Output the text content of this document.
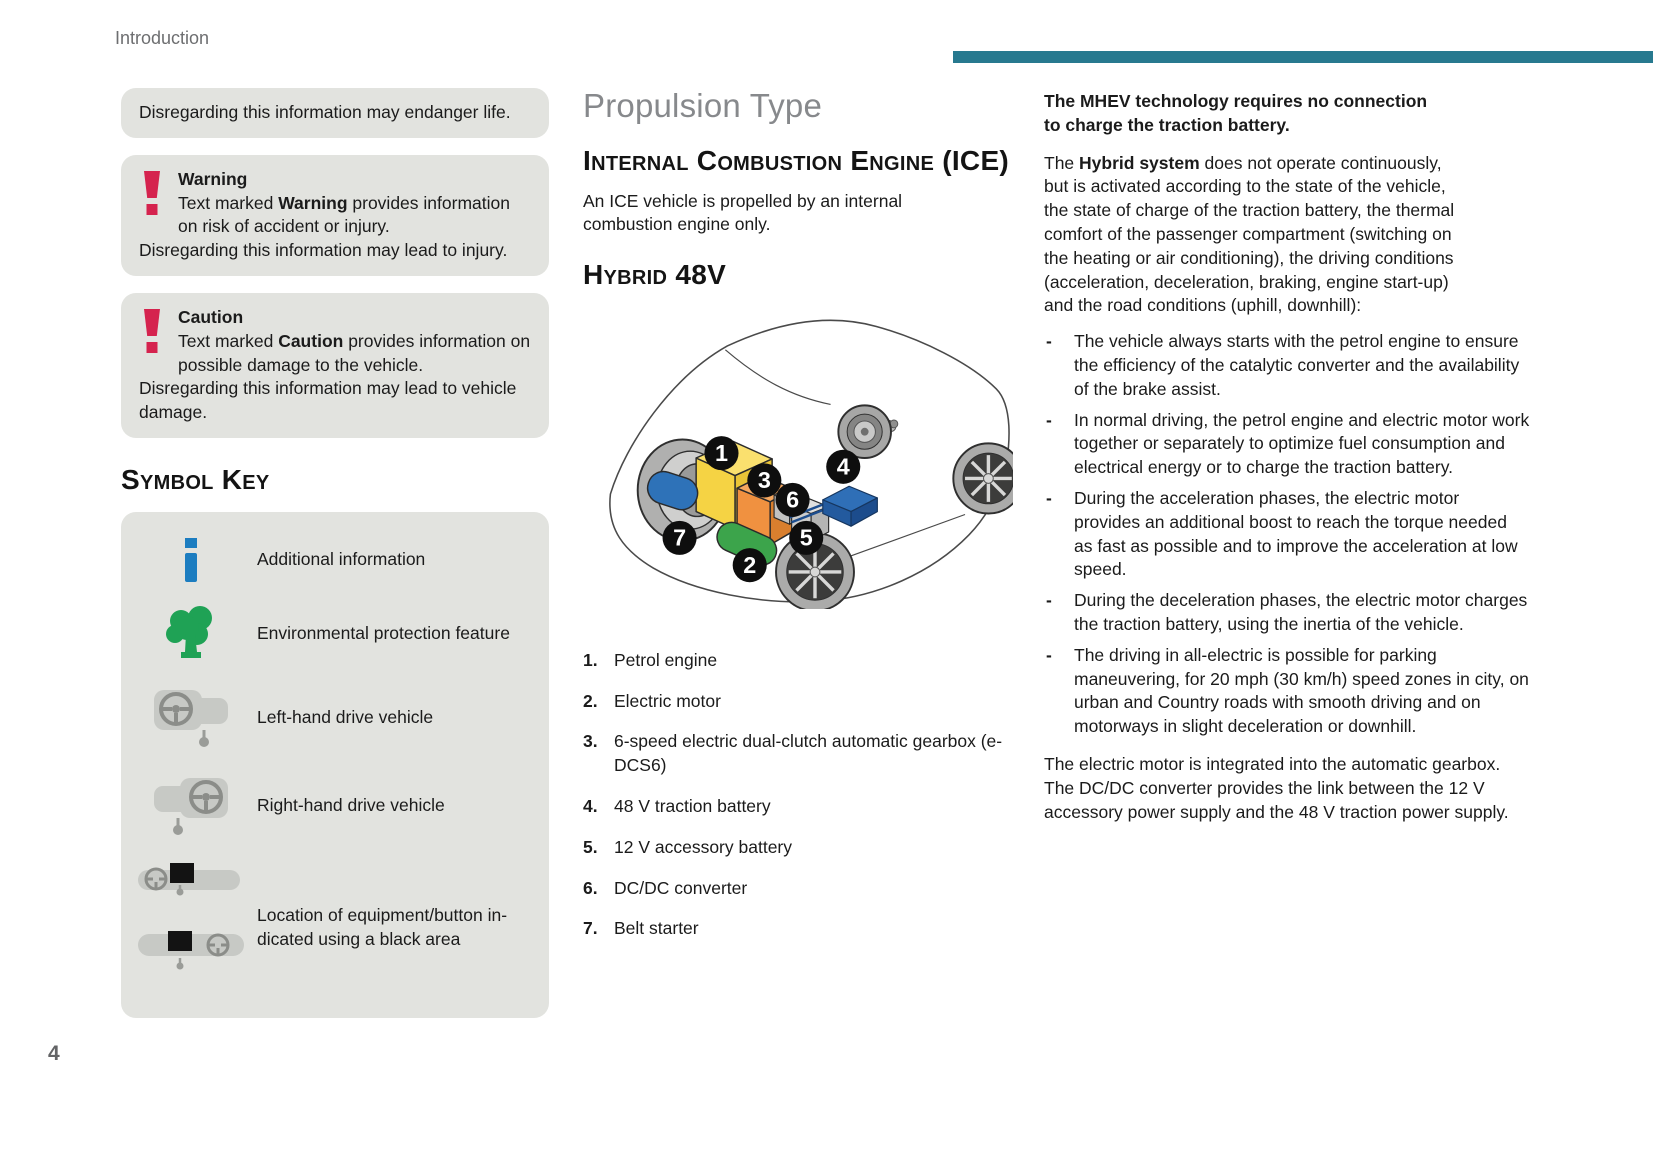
Introduction
4

Disregarding this information may endanger life.

Warning

Text marked Warning provides information on risk of accident or injury.

Disregarding this information may lead to injury.

Caution

Text marked Caution provides information on possible damage to the vehicle.

Disregarding this information may lead to vehicle damage.

Symbol Key
Additional information
Environmental protection feature
Left-hand drive vehicle
Right-hand drive vehicle
Location of equipment/button indicated using a black area
Propulsion Type
Internal Combustion Engine (ICE)

An ICE vehicle is propelled by an internal combustion engine only.

Hybrid 48V
1
3
6
4
7	5
2
1. Petrol engine
2. Electric motor
3. 6-speed electric dual-clutch automatic gearbox (e-DCS6)
4. 48 V traction battery
5. 12 V accessory battery
6. DC/DC converter
7. Belt starter

The MHEV technology requires no connection to charge the traction battery.

The Hybrid system does not operate continuously, but is activated according to the state of the vehicle, the state of charge of the traction battery, the thermal comfort of the passenger compartment (switching on the heating or air conditioning), the driving conditions (acceleration, deceleration, braking, engine start-up) and the road conditions (uphill, downhill):

- The vehicle always starts with the petrol engine to ensure the efficiency of the catalytic converter and the availability of the brake assist.
- In normal driving, the petrol engine and electric motor work together or separately to optimize fuel consumption and electrical energy or to charge the traction battery.
- During the acceleration phases, the electric motor provides an additional boost to reach the torque needed as fast as possible and to improve the acceleration at low speed.
- During the deceleration phases, the electric motor charges the traction battery, using the inertia of the vehicle.
- The driving in all-electric is possible for parking maneuvering, for 20 mph (30 km/h) speed zones in city, on urban and Country roads with smooth driving and on motorways in slight deceleration or downhill.

The electric motor is integrated into the automatic gearbox.

The DC/DC converter provides the link between the 12 V accessory power supply and the 48 V traction power supply.
